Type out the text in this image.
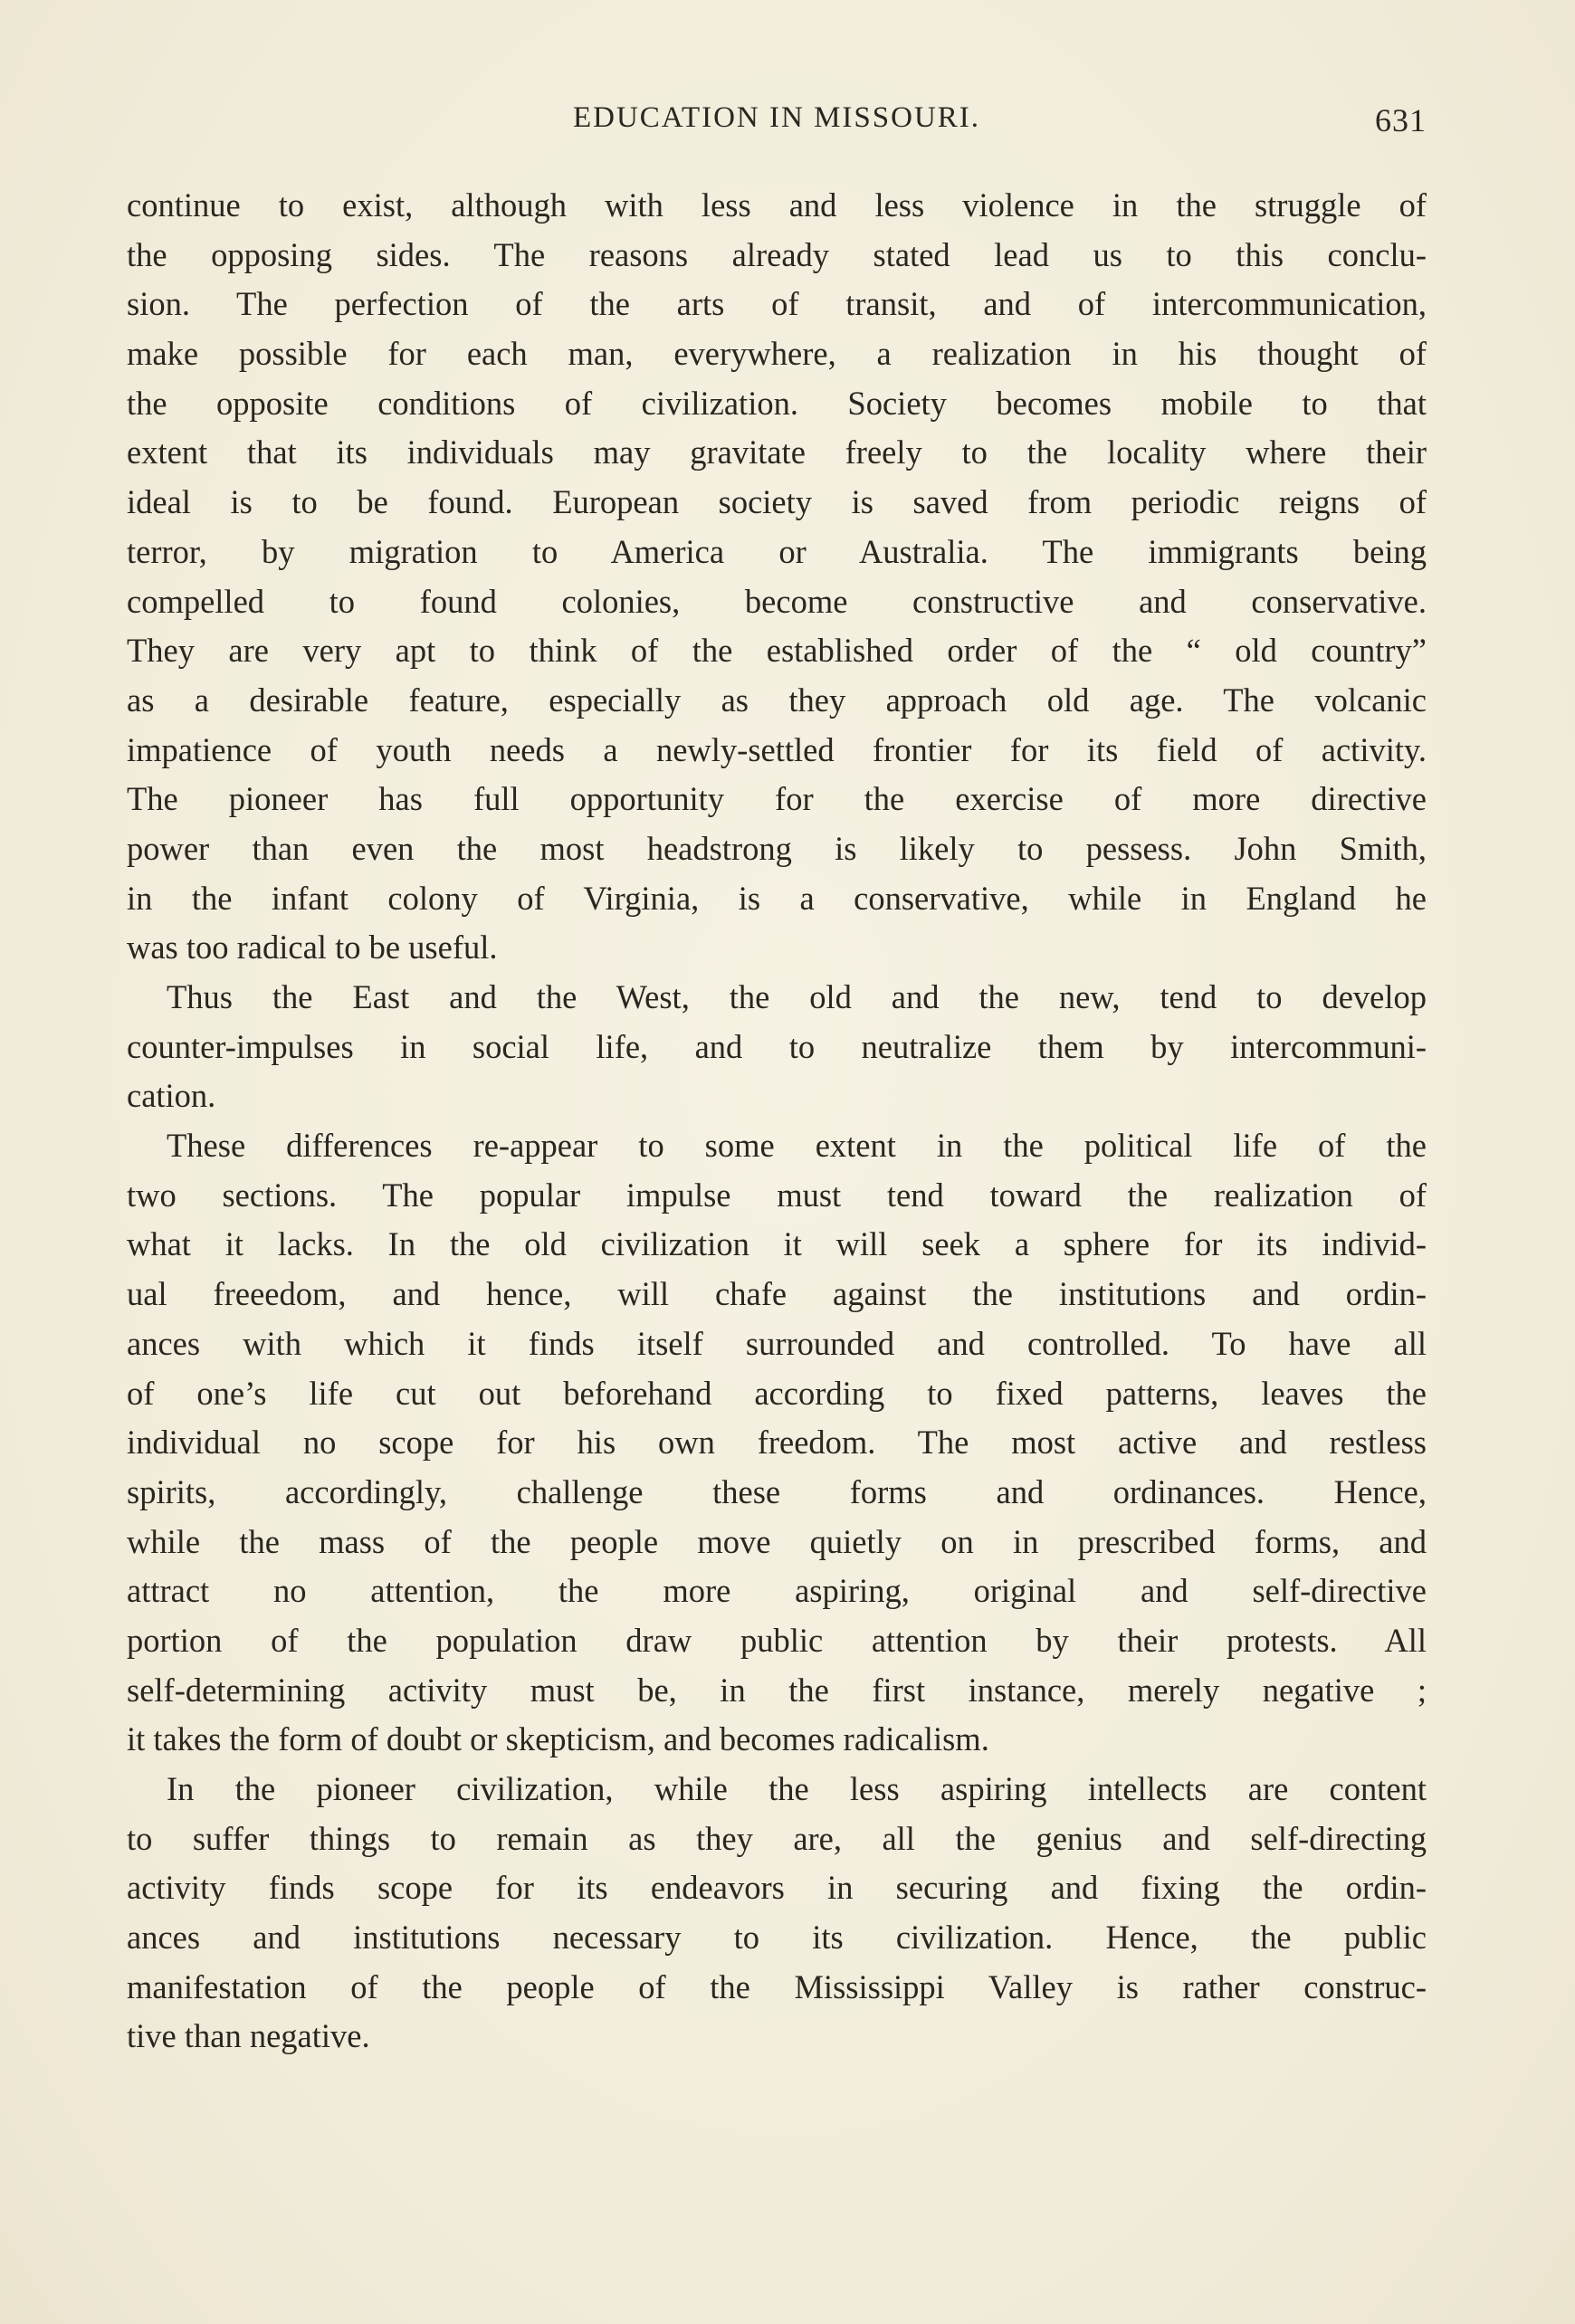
EDUCATION IN MISSOURI.	631
continue to exist, although with less and less violence in the struggle of
the opposing sides. The reasons already stated lead us to this conclu-
sion. The perfection of the arts of transit, and of intercommunication,
make possible for each man, everywhere, a realization in his thought of
the opposite conditions of civilization. Society becomes mobile to that
extent that its individuals may gravitate freely to the locality where their
ideal is to be found. European society is saved from periodic reigns of
terror, by migration to America or Australia. The immigrants being
compelled to found colonies, become constructive and conservative.
They are very apt to think of the established order of the “ old country”
as a desirable feature, especially as they approach old age. The volcanic
impatience of youth needs a newly-settled frontier for its field of activity.
The pioneer has full opportunity for the exercise of more directive
power than even the most headstrong is likely to pessess. John Smith,
in the infant colony of Virginia, is a conservative, while in England he
was too radical to be useful.
Thus the East and the West, the old and the new, tend to develop
counter-impulses in social life, and to neutralize them by intercommuni-
cation.
These differences re-appear to some extent in the political life of the
two sections. The popular impulse must tend toward the realization of
what it lacks. In the old civilization it will seek a sphere for its individ-
ual freeedom, and hence, will chafe against the institutions and ordin-
ances with which it finds itself surrounded and controlled. To have all
of one’s life cut out beforehand according to fixed patterns, leaves the
individual no scope for his own freedom. The most active and restless
spirits, accordingly, challenge these forms and ordinances. Hence,
while the mass of the people move quietly on in prescribed forms, and
attract no attention, the more aspiring, original and self-directive
portion of the population draw public attention by their protests. All
self-determining activity must be, in the first instance, merely negative ;
it takes the form of doubt or skepticism, and becomes radicalism.
In the pioneer civilization, while the less aspiring intellects are content
to suffer things to remain as they are, all the genius and self-directing
activity finds scope for its endeavors in securing and fixing the ordin-
ances and institutions necessary to its civilization. Hence, the public
manifestation of the people of the Mississippi Valley is rather construc-
tive than negative.
